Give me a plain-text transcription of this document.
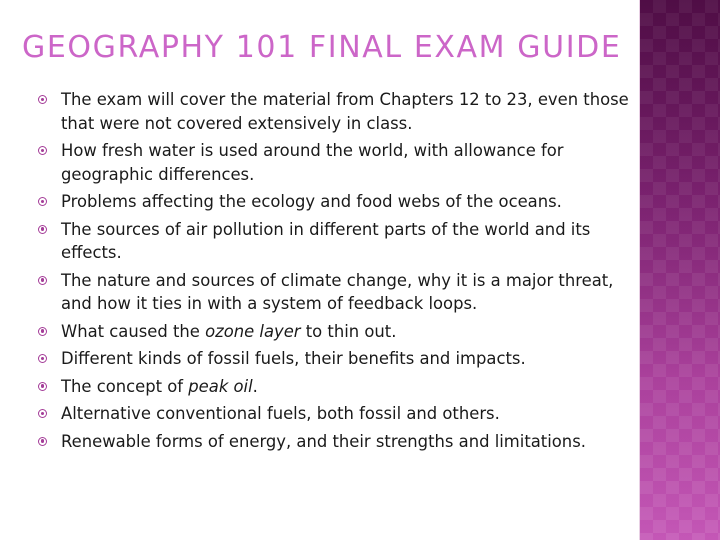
GEOGRAPHY 101 FINAL EXAM GUIDE
The exam will cover the material from Chapters 12 to 23, even those that were not covered extensively in class.
How fresh water is used around the world, with allowance for geographic differences.
Problems affecting the ecology and food webs of the oceans.
The sources of air pollution in different parts of the world and its effects.
The nature and sources of climate change, why it is a major threat, and how it ties in with a system of feedback loops.
What caused the ozone layer to thin out.
Different kinds of fossil fuels, their benefits and impacts.
The concept of peak oil.
Alternative conventional fuels, both fossil and others.
Renewable forms of energy, and their strengths and limitations.
